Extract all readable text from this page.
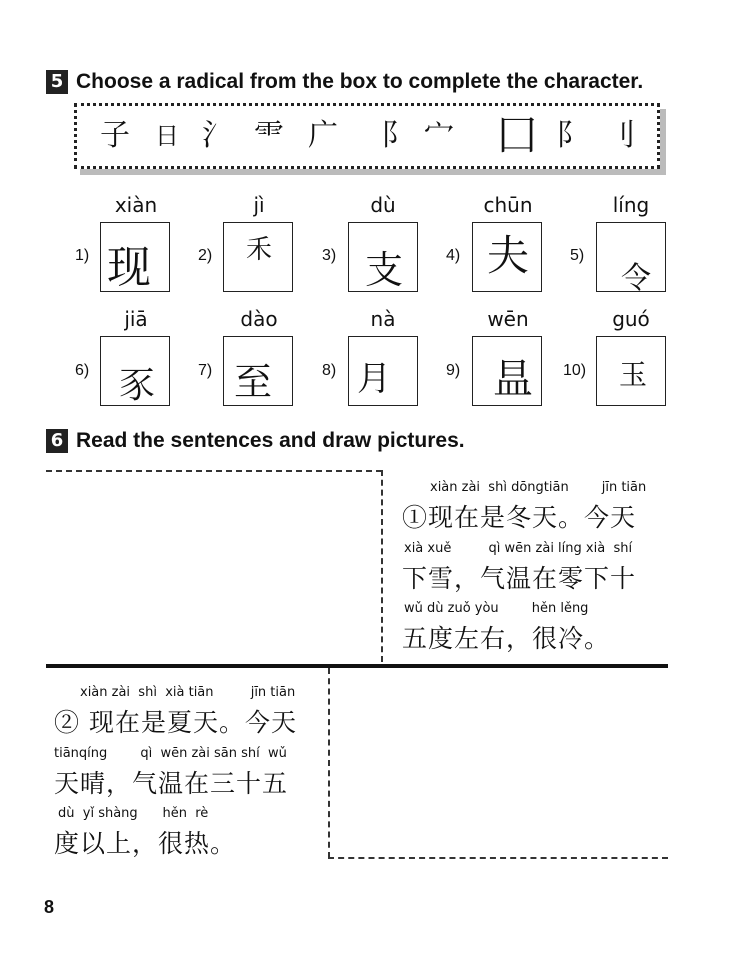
5 Choose a radical from the box to complete the character.
子	日 氵 ⻗ 广	⻏ 宀 囗 阝 刂
xiàn
1) 现
jì
2) 禾
dù
3) 支
chūn
4) 夫
líng
5)
令
jiā
6) 豕
dào
7) 至
nà
8) 月
wēn
9) 昷
guó
10) 玉
6 Read the sentences and draw pictures.
xiàn zài  shì dōngtiān        jīn tiān
①现在是冬天。今天
xià xuě         qì wēn zài líng xià  shí
下雪，气温在零下十
wǔ dù zuǒ yòu        hěn lěng
五度左右，很冷。
xiàn zài  shì  xià tiān         jīn tiān
② 现在是夏天。今天
tiānqíng        qì  wēn zài sān shí  wǔ
天晴，气温在三十五
dù  yǐ shàng      hěn  rè
度以上，很热。
8
